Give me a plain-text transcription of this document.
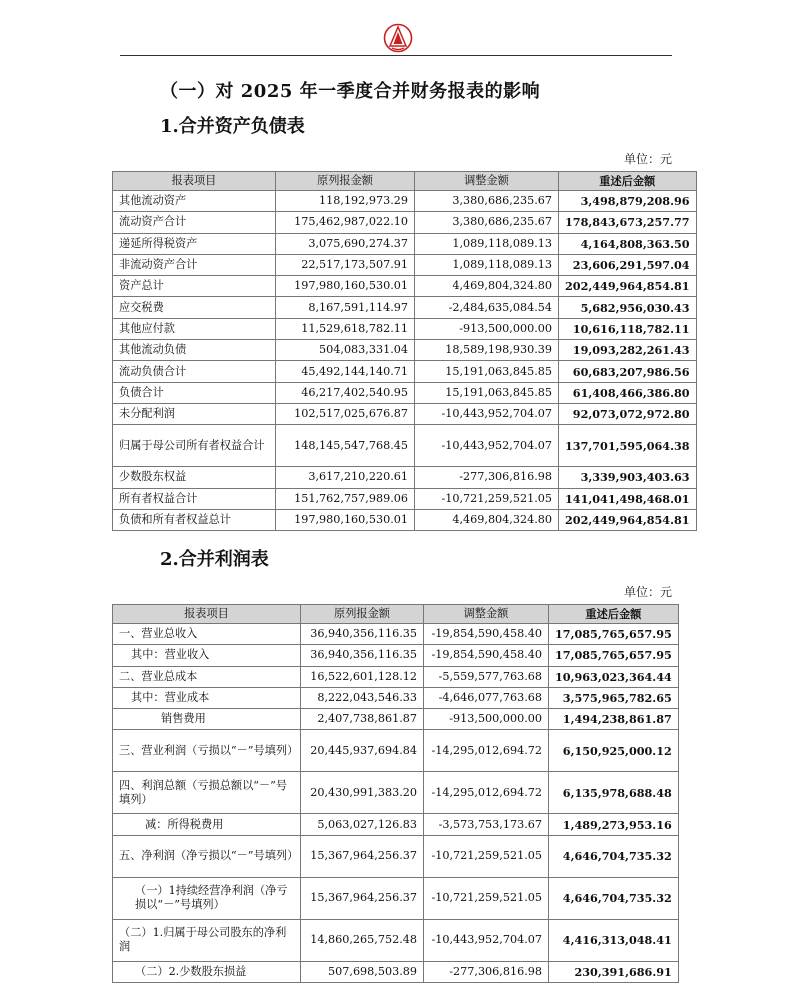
（一）对 2025 年一季度合并财务报表的影响
1.合并资产负债表
单位：元
报表项目	原列报金额	调整金额	重述后金额
其他流动资产	118,192,973.29	3,380,686,235.67	3,498,879,208.96
流动资产合计	175,462,987,022.10	3,380,686,235.67	178,843,673,257.77
递延所得税资产	3,075,690,274.37	1,089,118,089.13	4,164,808,363.50
非流动资产合计	22,517,173,507.91	1,089,118,089.13	23,606,291,597.04
资产总计	197,980,160,530.01	4,469,804,324.80	202,449,964,854.81
应交税费	8,167,591,114.97	-2,484,635,084.54	5,682,956,030.43
其他应付款	11,529,618,782.11	-913,500,000.00	10,616,118,782.11
其他流动负债	504,083,331.04	18,589,198,930.39	19,093,282,261.43
流动负债合计	45,492,144,140.71	15,191,063,845.85	60,683,207,986.56
负债合计	46,217,402,540.95	15,191,063,845.85	61,408,466,386.80
未分配利润	102,517,025,676.87	-10,443,952,704.07	92,073,072,972.80
归属于母公司所有者权益合计	148,145,547,768.45	-10,443,952,704.07	137,701,595,064.38
少数股东权益	3,617,210,220.61	-277,306,816.98	3,339,903,403.63
所有者权益合计	151,762,757,989.06	-10,721,259,521.05	141,041,498,468.01
负债和所有者权益总计	197,980,160,530.01	4,469,804,324.80	202,449,964,854.81
2.合并利润表
单位：元
报表项目	原列报金额	调整金额	重述后金额
一、营业总收入	36,940,356,116.35	-19,854,590,458.40	17,085,765,657.95
其中：营业收入	36,940,356,116.35	-19,854,590,458.40	17,085,765,657.95
二、营业总成本	16,522,601,128.12	-5,559,577,763.68	10,963,023,364.44
其中：营业成本	8,222,043,546.33	-4,646,077,763.68	3,575,965,782.65
销售费用	2,407,738,861.87	-913,500,000.00	1,494,238,861.87
三、营业利润（亏损以“－”号填列）	20,445,937,694.84	-14,295,012,694.72	6,150,925,000.12
四、利润总额（亏损总额以“－”号填列）	20,430,991,383.20	-14,295,012,694.72	6,135,978,688.48
减：所得税费用	5,063,027,126.83	-3,573,753,173.67	1,489,273,953.16
五、净利润（净亏损以“－”号填列）	15,367,964,256.37	-10,721,259,521.05	4,646,704,735.32
（一）1持续经营净利润（净亏损以“－”号填列）	15,367,964,256.37	-10,721,259,521.05	4,646,704,735.32
（二）1.归属于母公司股东的净利润	14,860,265,752.48	-10,443,952,704.07	4,416,313,048.41
（二）2.少数股东损益	507,698,503.89	-277,306,816.98	230,391,686.91
